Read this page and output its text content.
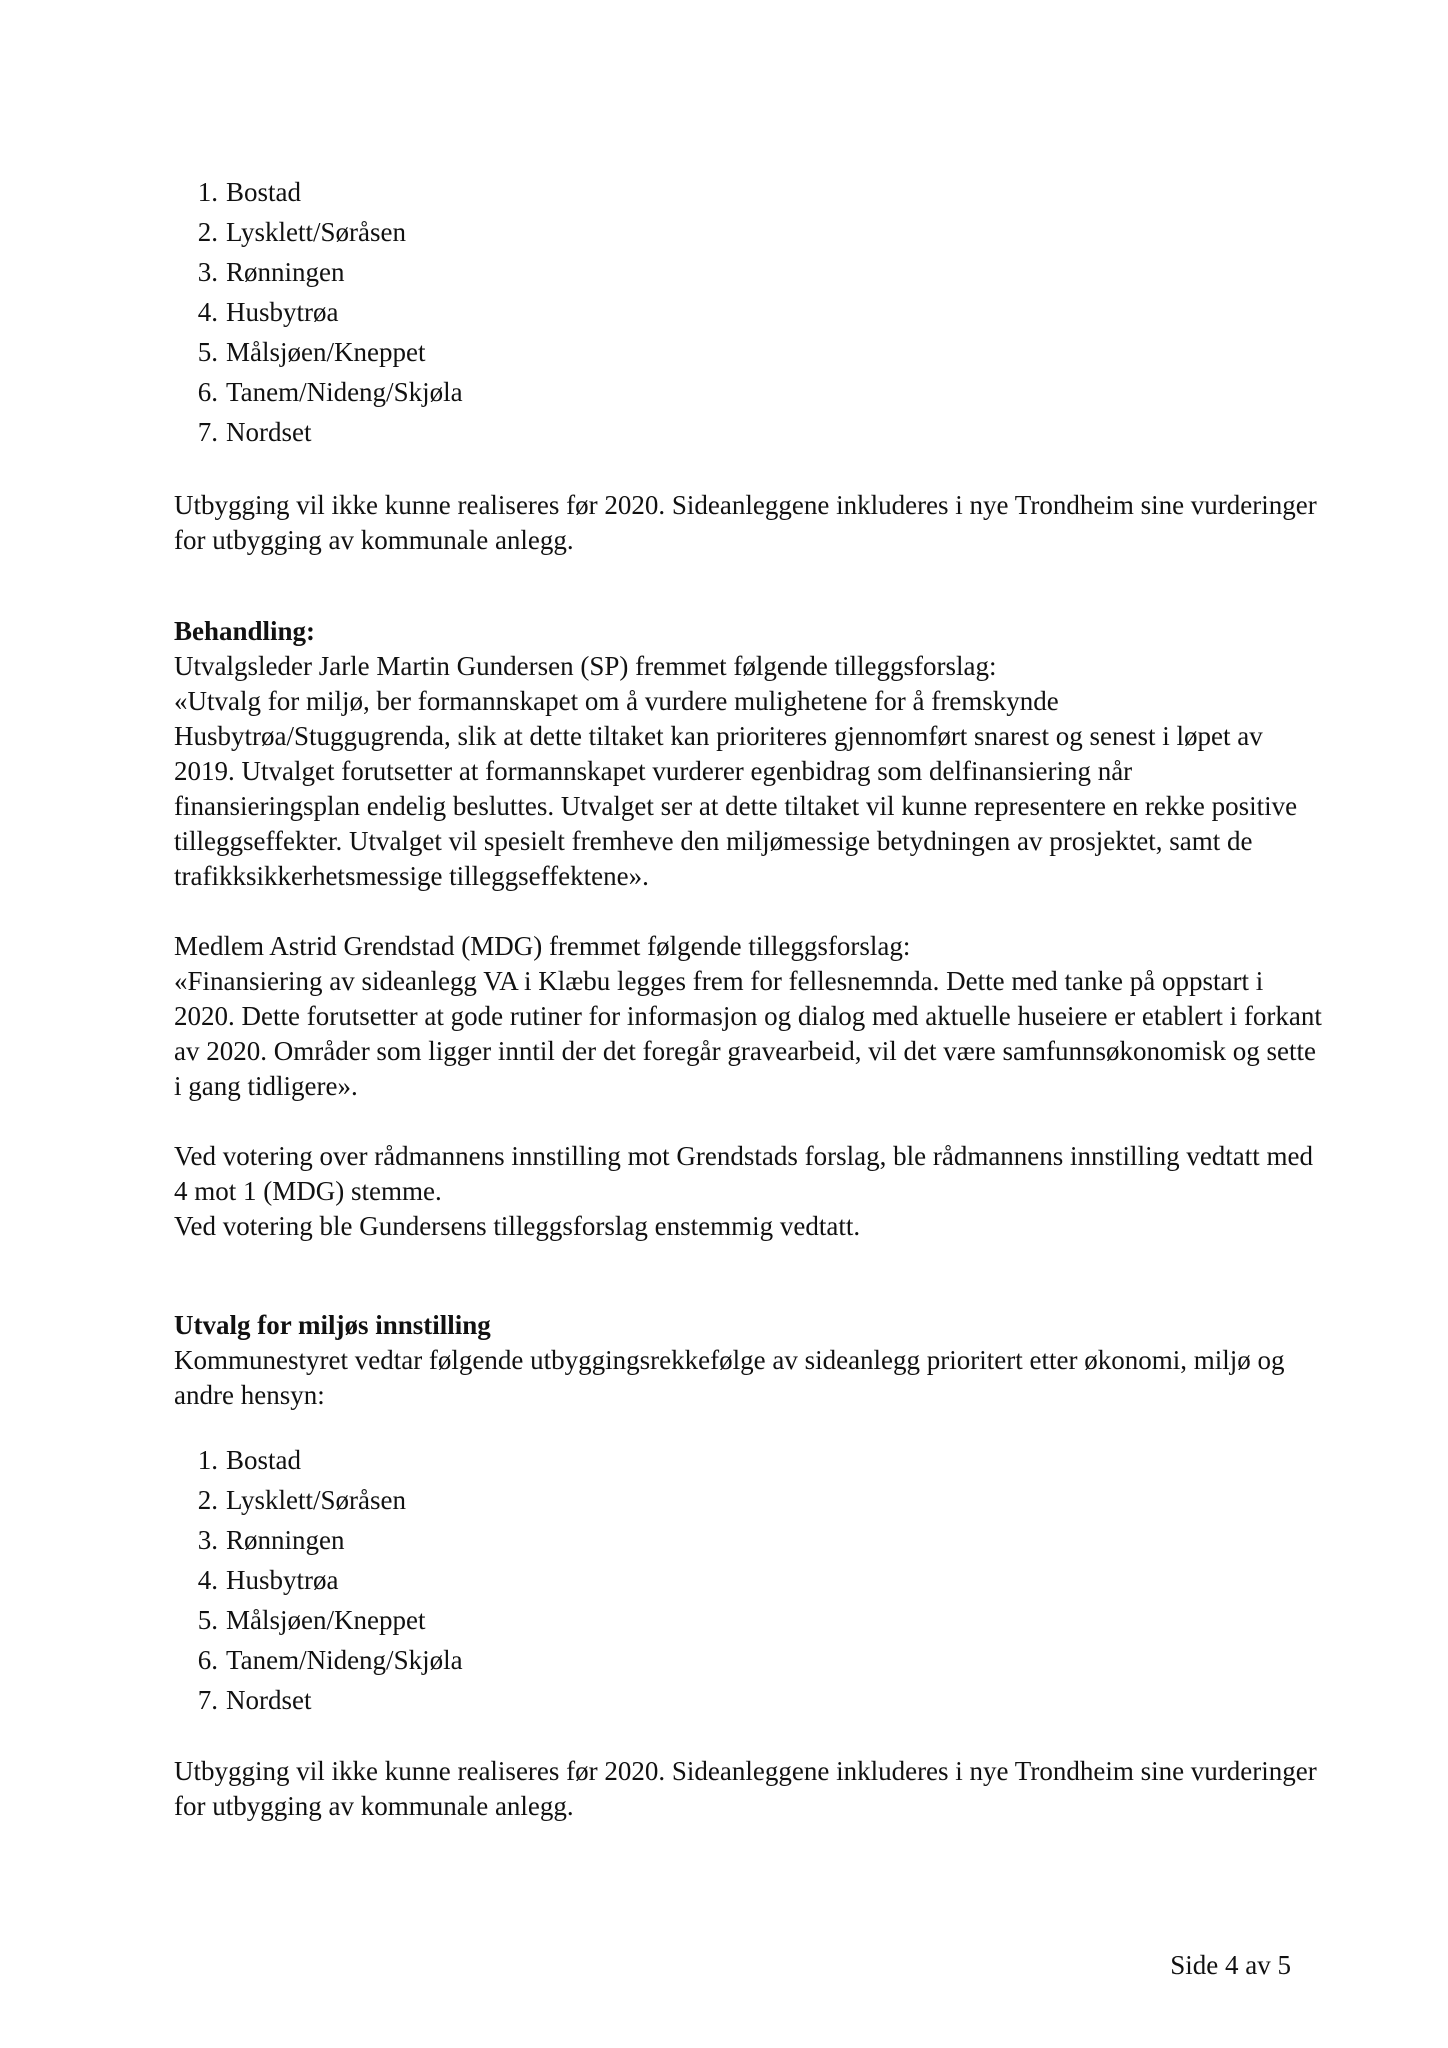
1. Bostad
2. Lysklett/Søråsen
3. Rønningen
4. Husbytrøa
5. Målsjøen/Kneppet
6. Tanem/Nideng/Skjøla
7. Nordset

Utbygging vil ikke kunne realiseres før 2020. Sideanleggene inkluderes i nye Trondheim sine vurderinger for utbygging av kommunale anlegg.

Behandling:

Utvalgsleder Jarle Martin Gundersen (SP) fremmet følgende tilleggsforslag:

«Utvalg for miljø, ber formannskapet om å vurdere mulighetene for å fremskynde Husbytrøa/Stuggugrenda, slik at dette tiltaket kan prioriteres gjennomført snarest og senest i løpet av 2019. Utvalget forutsetter at formannskapet vurderer egenbidrag som delfinansiering når finansieringsplan endelig besluttes. Utvalget ser at dette tiltaket vil kunne representere en rekke positive tilleggseffekter. Utvalget vil spesielt fremheve den miljømessige betydningen av prosjektet, samt de trafikksikkerhetsmessige tilleggseffektene».

Medlem Astrid Grendstad (MDG) fremmet følgende tilleggsforslag:

«Finansiering av sideanlegg VA i Klæbu legges frem for fellesnemnda. Dette med tanke på oppstart i 2020. Dette forutsetter at gode rutiner for informasjon og dialog med aktuelle huseiere er etablert i forkant av 2020. Områder som ligger inntil der det foregår gravearbeid, vil det være samfunnsøkonomisk og sette i gang tidligere».

Ved votering over rådmannens innstilling mot Grendstads forslag, ble rådmannens innstilling vedtatt med 4 mot 1 (MDG) stemme.

Ved votering ble Gundersens tilleggsforslag enstemmig vedtatt.

Utvalg for miljøs innstilling

Kommunestyret vedtar følgende utbyggingsrekkefølge av sideanlegg prioritert etter økonomi, miljø og andre hensyn:

1. Bostad
2. Lysklett/Søråsen
3. Rønningen
4. Husbytrøa
5. Målsjøen/Kneppet
6. Tanem/Nideng/Skjøla
7. Nordset

Utbygging vil ikke kunne realiseres før 2020. Sideanleggene inkluderes i nye Trondheim sine vurderinger for utbygging av kommunale anlegg.

Side 4 av 5
